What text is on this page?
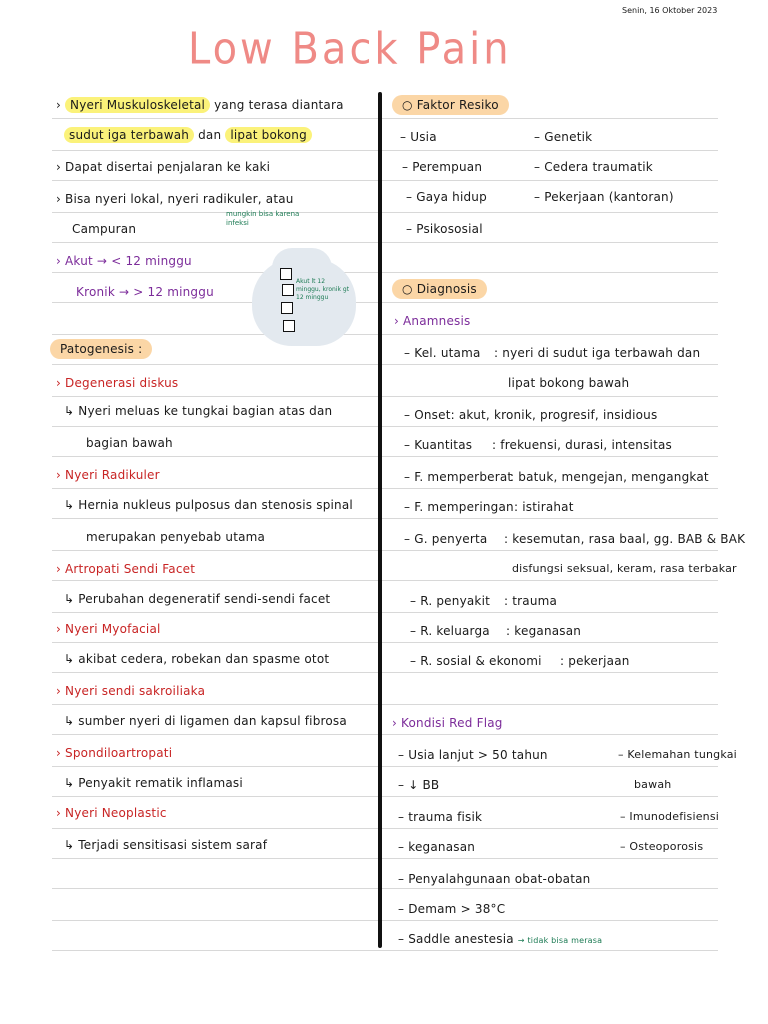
Senin, 16 Oktober 2023
Low Back Pain
› Nyeri Muskuloskeletal yang terasa diantara
sudut iga terbawah dan lipat bokong
› Dapat disertai penjalaran ke kaki
› Bisa nyeri lokal, nyeri radikuler, atau
Campuran
mungkin bisa karena infeksi
› Akut → < 12 minggu
Kronik → > 12 minggu
Akut lt 12 minggu, kronik gt 12 minggu
Patogenesis :
› Degenerasi diskus
↳ Nyeri meluas ke tungkai bagian atas dan
bagian bawah
› Nyeri Radikuler
↳ Hernia nukleus pulposus dan stenosis spinal
merupakan penyebab utama
› Artropati Sendi Facet
↳ Perubahan degeneratif sendi-sendi facet
› Nyeri Myofacial
↳ akibat cedera, robekan dan spasme otot
› Nyeri sendi sakroiliaka
↳ sumber nyeri di ligamen dan kapsul fibrosa
› Spondiloartropati
↳ Penyakit rematik inflamasi
› Nyeri Neoplastic
↳ Terjadi sensitisasi sistem saraf
○ Faktor Resiko
– Usia
– Perempuan
– Gaya hidup
– Psikososial
– Genetik
– Cedera traumatik
– Pekerjaan (kantoran)
○ Diagnosis
› Anamnesis
– Kel. utama : nyeri di sudut iga terbawah dan
lipat bokong bawah
– Onset: akut, kronik, progresif, insidious
– Kuantitas : frekuensi, durasi, intensitas
– F. memperberat
: batuk, mengejan, mengangkat
– F. memperingan : istirahat
– G. penyerta : kesemutan, rasa baal, gg. BAB & BAK
disfungsi seksual, keram, rasa terbakar
– R. penyakit : trauma
– R. keluarga : keganasan
– R. sosial & ekonomi : pekerjaan
› Kondisi Red Flag
– Usia lanjut > 50 tahun
– ↓ BB
– trauma fisik
– keganasan
– Penyalahgunaan obat-obatan
– Demam > 38°C
– Saddle anestesia → tidak bisa merasa
– Kelemahan tungkai
bawah
– Imunodefisiensi
– Osteoporosis
